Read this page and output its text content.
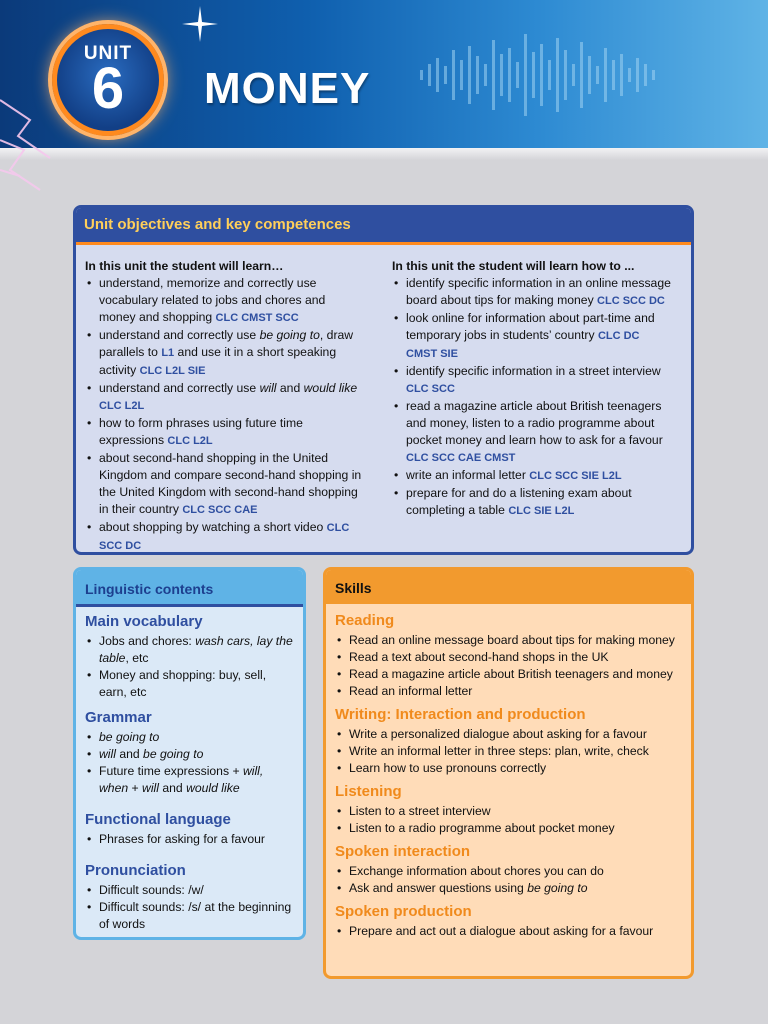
UNIT
6	MONEY
Unit objectives and key competences
In this unit the student will learn…
• understand, memorize and correctly use vocabulary related to jobs and chores and money and shopping CLC CMST SCC
• understand and correctly use be going to, draw parallels to L1 and use it in a short speaking activity CLC L2L SIE
• understand and correctly use will and would like CLC L2L
• how to form phrases using future time expressions CLC L2L
• about second-hand shopping in the United Kingdom and compare second-hand shopping in the United Kingdom with second-hand shopping in their country CLC SCC CAE
• about shopping by watching a short video CLC SCC DC
In this unit the student will learn how to ...
• identify specific information in an online message board about tips for making money CLC SCC DC
• look online for information about part-time and temporary jobs in students’ country CLC DC CMST SIE
• identify specific information in a street interview CLC SCC
• read a magazine article about British teenagers and money, listen to a radio programme about pocket money and learn how to ask for a favour CLC SCC CAE CMST
• write an informal letter CLC SCC SIE L2L
• prepare for and do a listening exam about completing a table CLC SIE L2L
Linguistic contents
Main vocabulary
• Jobs and chores: wash cars, lay the table, etc
• Money and shopping: buy, sell, earn, etc
Grammar
• be going to
• will and be going to
• Future time expressions + will, when + will and would like
Functional language
• Phrases for asking for a favour
Pronunciation
• Difficult sounds: /w/
• Difficult sounds: /s/ at the beginning of words
Skills
Reading
• Read an online message board about tips for making money
• Read a text about second-hand shops in the UK
• Read a magazine article about British teenagers and money
• Read an informal letter
Writing: Interaction and production
• Write a personalized dialogue about asking for a favour
• Write an informal letter in three steps: plan, write, check
• Learn how to use pronouns correctly
Listening
• Listen to a street interview
• Listen to a radio programme about pocket money
Spoken interaction
• Exchange information about chores you can do
• Ask and answer questions using be going to
Spoken production
• Prepare and act out a dialogue about asking for a favour
